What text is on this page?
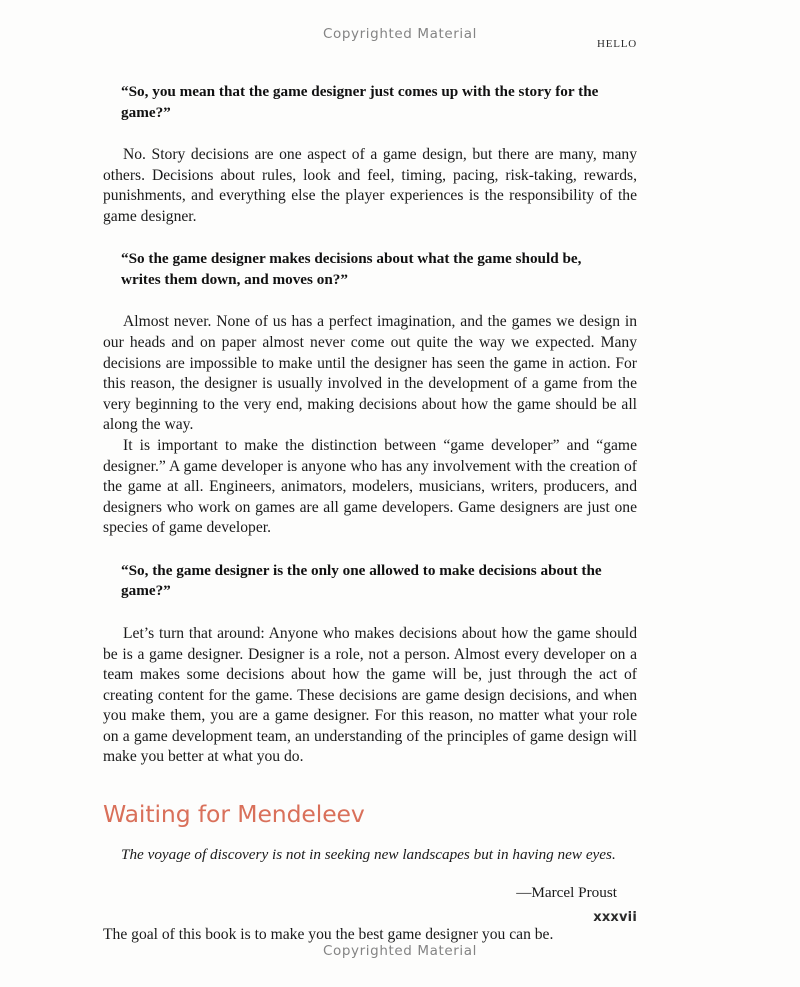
Copyrighted Material
HELLO

“So, you mean that the game designer just comes up with the story for the game?”

No. Story decisions are one aspect of a game design, but there are many, many others. Decisions about rules, look and feel, timing, pacing, risk-taking, rewards, punishments, and everything else the player experiences is the responsibility of the game designer.

“So the game designer makes decisions about what the game should be, writes them down, and moves on?”

Almost never. None of us has a perfect imagination, and the games we design in our heads and on paper almost never come out quite the way we expected. Many decisions are impossible to make until the designer has seen the game in action. For this reason, the designer is usually involved in the development of a game from the very beginning to the very end, making decisions about how the game should be all along the way.

It is important to make the distinction between “game developer” and “game designer.” A game developer is anyone who has any involvement with the creation of the game at all. Engineers, animators, modelers, musicians, writers, producers, and designers who work on games are all game developers. Game designers are just one species of game developer.

“So, the game designer is the only one allowed to make decisions about the game?”

Let’s turn that around: Anyone who makes decisions about how the game should be is a game designer. Designer is a role, not a person. Almost every developer on a team makes some decisions about how the game will be, just through the act of creating content for the game. These decisions are game design decisions, and when you make them, you are a game designer. For this reason, no matter what your role on a game development team, an understanding of the principles of game design will make you better at what you do.

Waiting for Mendeleev

The voyage of discovery is not in seeking new landscapes but in having new eyes.

—Marcel Proust

The goal of this book is to make you the best game designer you can be.

xxxvii
Copyrighted Material
